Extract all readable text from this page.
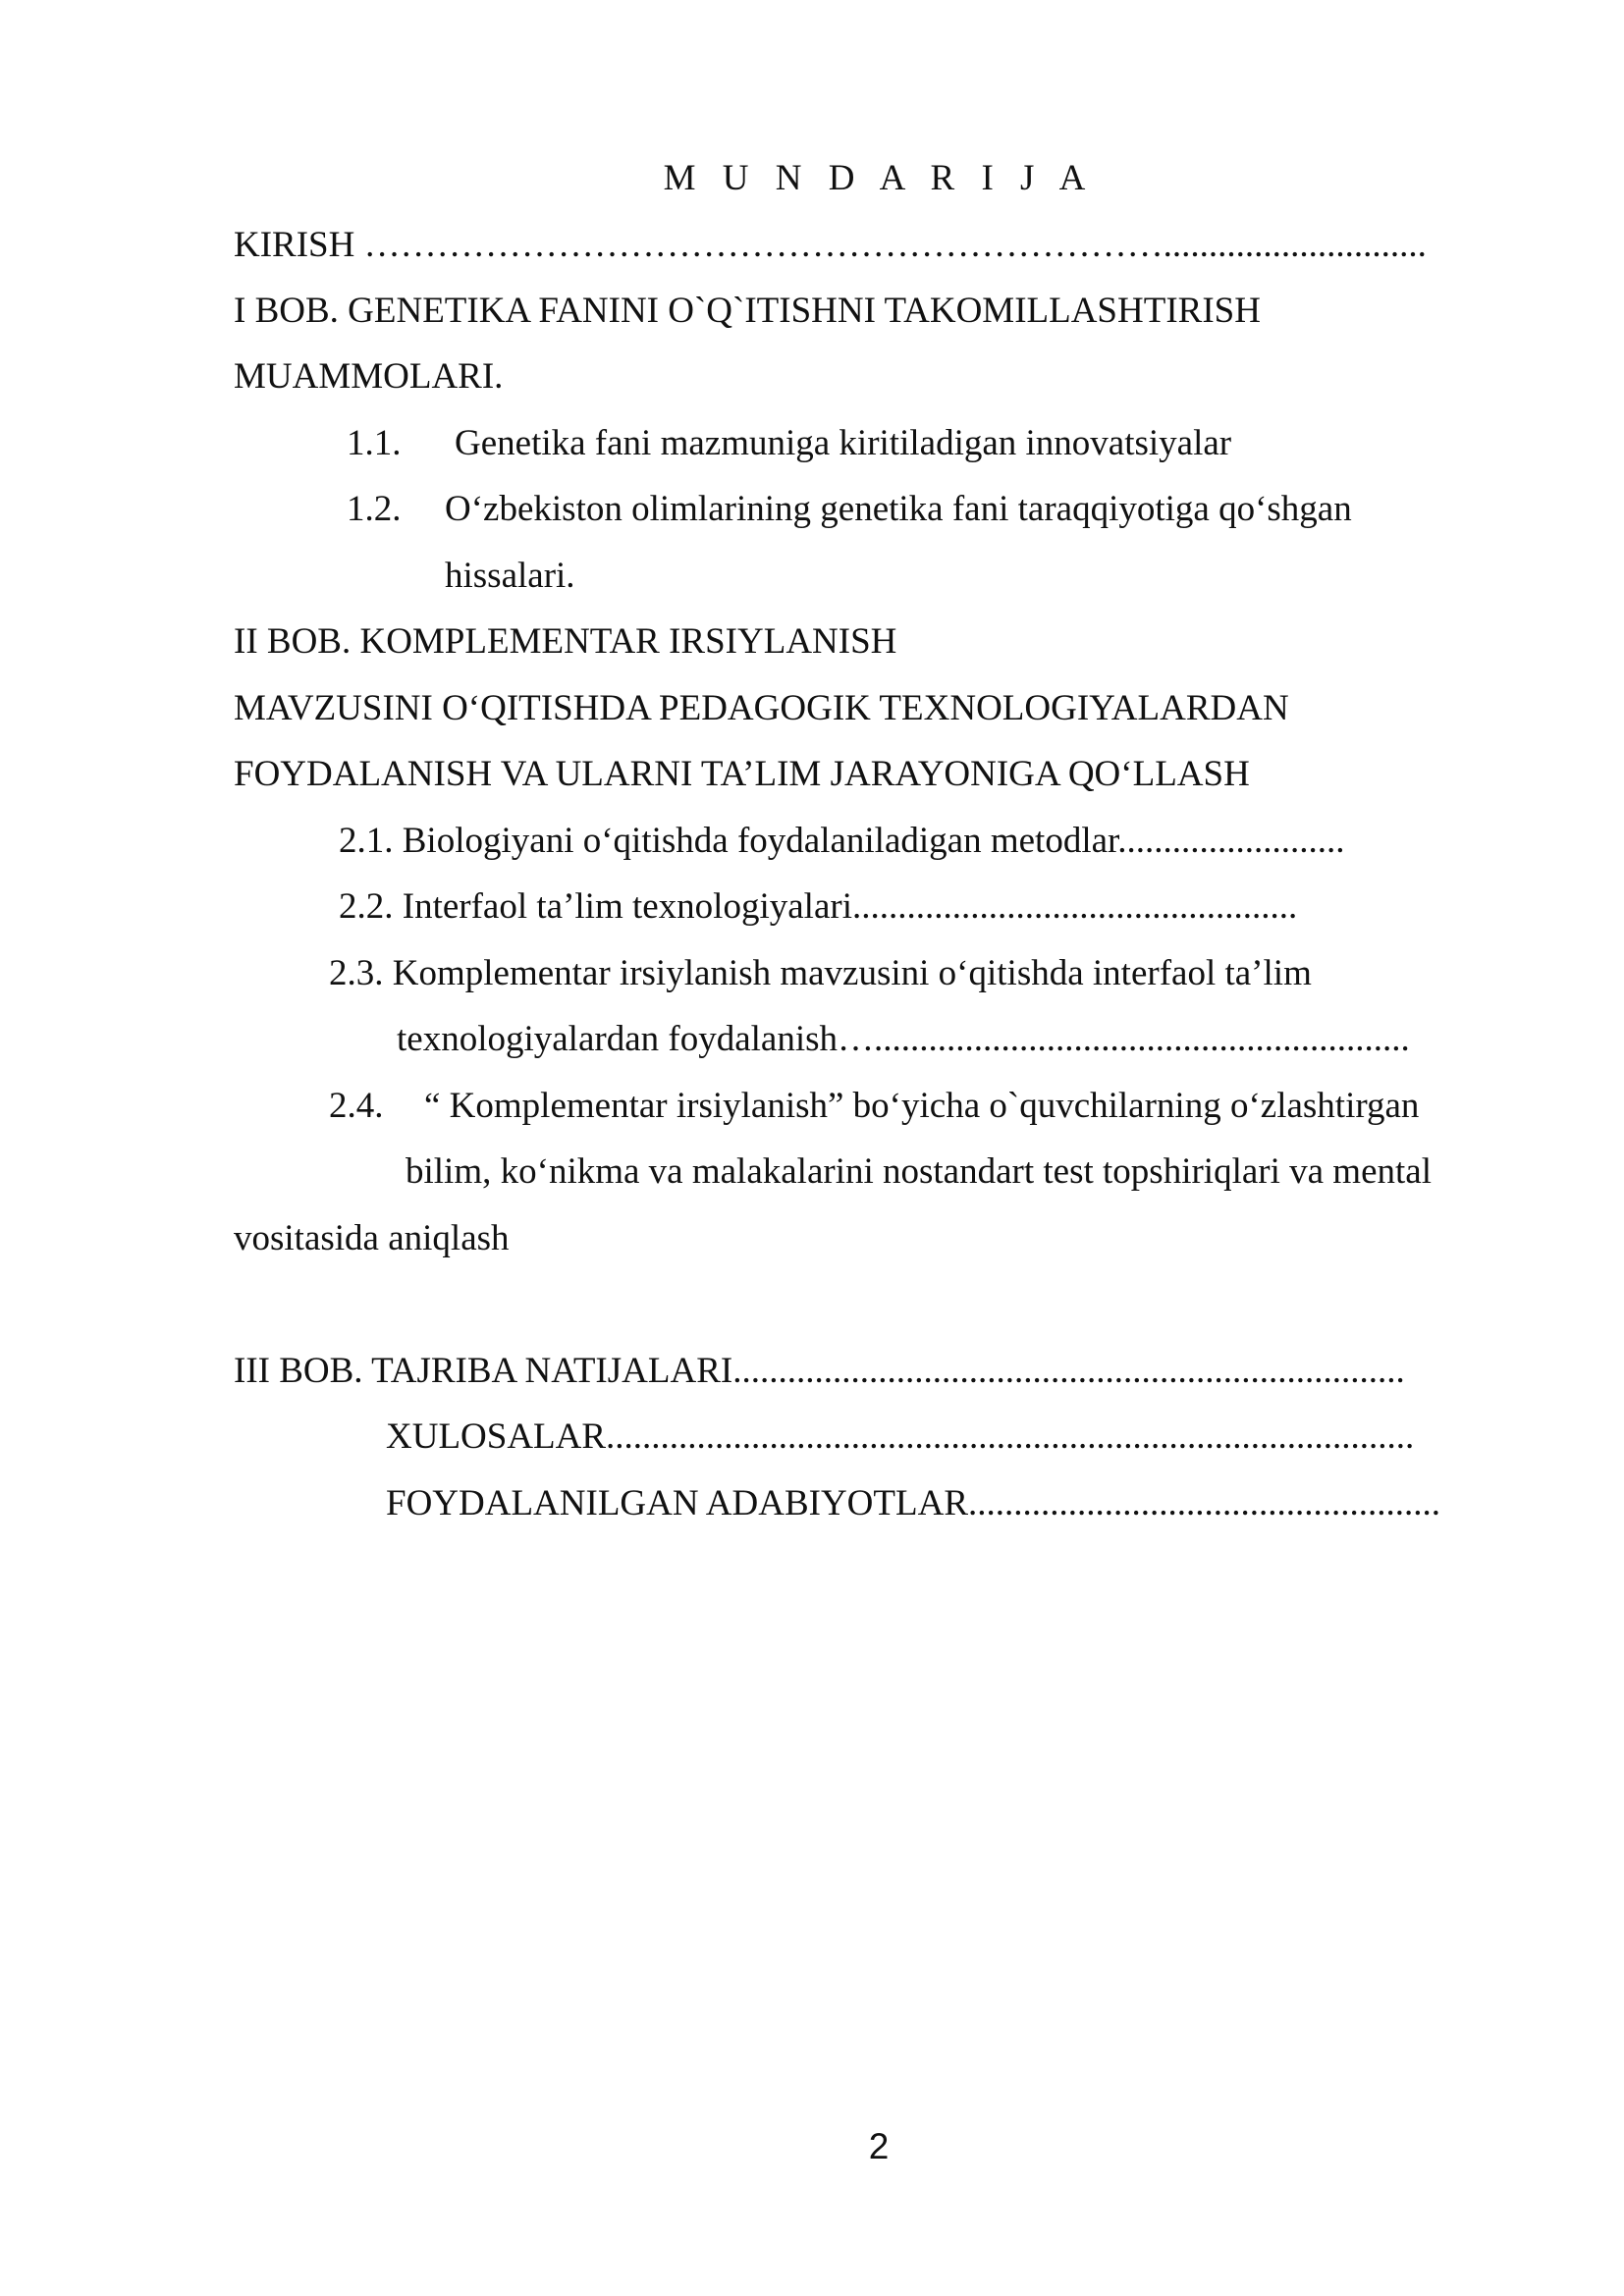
M U N D A R I J A

KIRISH ………………………………………………………….............................

I BOB. GENETIKA FANINI O`Q`ITISHNI TAKOMILLASHTIRISH

MUAMMOLARI.

1.1. Genetika fani mazmuniga kiritiladigan innovatsiyalar

1.2. O‘zbekiston olimlarining genetika fani taraqqiyotiga qo‘shgan

hissalari.

II BOB. KOMPLEMENTAR IRSIYLANISH

MAVZUSINI O‘QITISHDA PEDAGOGIK TEXNOLOGIYALARDAN

FOYDALANISH VA ULARNI TA’LIM JARAYONIGA QO‘LLASH

2.1. Biologiyani o‘qitishda foydalaniladigan metodlar.........................

2.2. Interfaol ta’lim texnologiyalari.................................................

2.3. Komplementar irsiylanish mavzusini o‘qitishda interfaol ta’lim

texnologiyalardan foydalanish…...........................................................

2.4. “ Komplementar irsiylanish” bo‘yicha o`quvchilarning o‘zlashtirgan

bilim, ko‘nikma va malakalarini nostandart test topshiriqlari va mental

vositasida aniqlash

III BOB. TAJRIBA NATIJALARI..........................................................................

XULOSALAR.........................................................................................

FOYDALANILGAN ADABIYOTLAR....................................................

2
